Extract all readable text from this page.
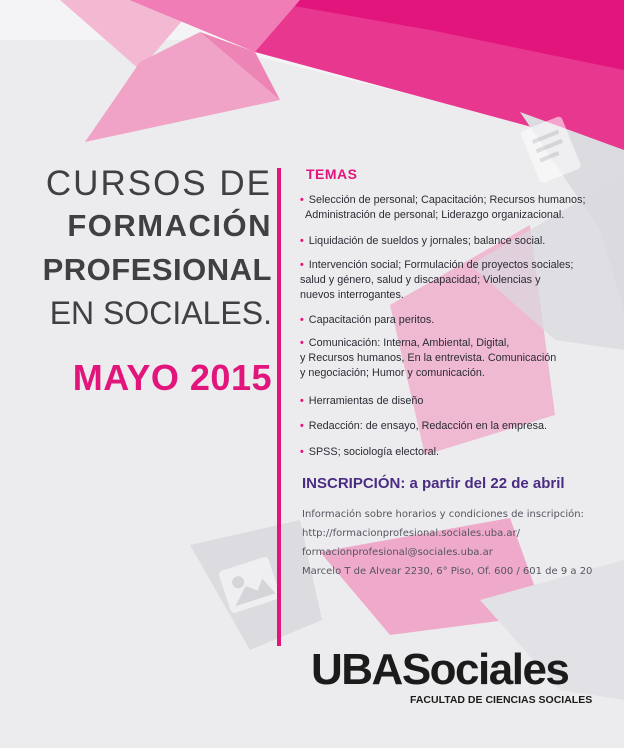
CURSOS DE
FORMACIÓN
PROFESIONAL
EN SOCIALES.
MAYO 2015
TEMAS
• Selección de personal; Capacitación; Recursos humanos;
Administración de personal; Liderazgo organizacional.
• Liquidación de sueldos y jornales; balance social.
• Intervención social; Formulación de proyectos sociales;
salud y género, salud y discapacidad; Violencias y
nuevos interrogantes.
• Capacitación para peritos.
• Comunicación: Interna, Ambiental, Digital,
y Recursos humanos, En la entrevista. Comunicación
y negociación; Humor y comunicación.
• Herramientas de diseño
• Redacción: de ensayo, Redacción en la empresa.
• SPSS; sociología electoral.
INSCRIPCIÓN: a partir del 22 de abril
Información sobre horarios y condiciones de inscripción:
http://formacionprofesional.sociales.uba.ar/
formacionprofesional@sociales.uba.ar
Marcelo T de Alvear 2230, 6° Piso, Of. 600 / 601 de 9 a 20
UBASociales
FACULTAD DE CIENCIAS SOCIALES
